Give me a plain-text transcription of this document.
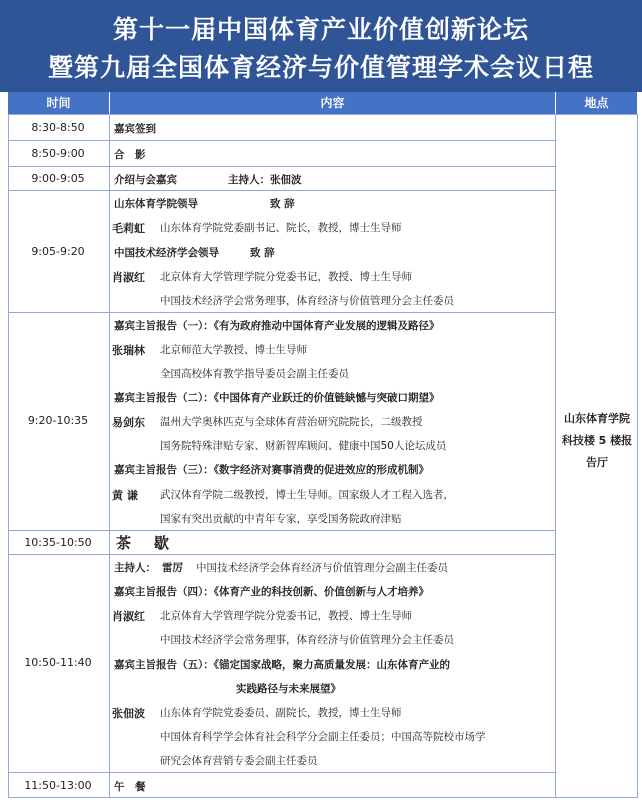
第十一届中国体育产业价值创新论坛
暨第九届全国体育经济与价值管理学术会议日程
时间	内容	地点
8:30-8:50	嘉宾签到
8:50-9:00	合　影
9:00-9:05	介绍与会嘉宾	主持人：张佃波
9:05-9:20
山东体育学院领导	致 辞
毛莉虹 山东体育学院党委副书记、院长，教授，博士生导师
中国技术经济学会领导	致 辞
肖淑红 北京体育大学管理学院分党委书记，教授、博士生导师
中国技术经济学会常务理事，体育经济与价值管理分会主任委员
9:20-10:35
嘉宾主旨报告（一）：《有为政府推动中国体育产业发展的逻辑及路径》
张瑞林 北京师范大学教授、博士生导师
全国高校体育教学指导委员会副主任委员
嘉宾主旨报告（二）：《中国体育产业跃迁的价值链缺憾与突破口期望》
易剑东 温州大学奥林匹克与全球体育营治研究院院长，二级教授
国务院特殊津贴专家、财新智库顾问、健康中国50人论坛成员
嘉宾主旨报告（三）：《数字经济对赛事消费的促进效应的形成机制》
黄 谦 武汉体育学院二级教授，博士生导师。国家级人才工程入选者，
国家有突出贡献的中青年专家，享受国务院政府津贴
10:35-10:50	茶　歇
10:50-11:40
主持人： 雷厉 中国技术经济学会体育经济与价值管理分会副主任委员
嘉宾主旨报告（四）：《体育产业的科技创新、价值创新与人才培养》
肖淑红 北京体育大学管理学院分党委书记，教授、博士生导师
中国技术经济学会常务理事，体育经济与价值管理分会主任委员
嘉宾主旨报告（五）：《锚定国家战略，聚力高质量发展：山东体育产业的
实践路径与未来展望》
张佃波 山东体育学院党委委员、副院长，教授，博士生导师
中国体育科学学会体育社会科学分会副主任委员；中国高等院校市场学
研究会体育营销专委会副主任委员
11:50-13:00	午　餐
山东体育学院
科技楼 5 楼报
告厅
